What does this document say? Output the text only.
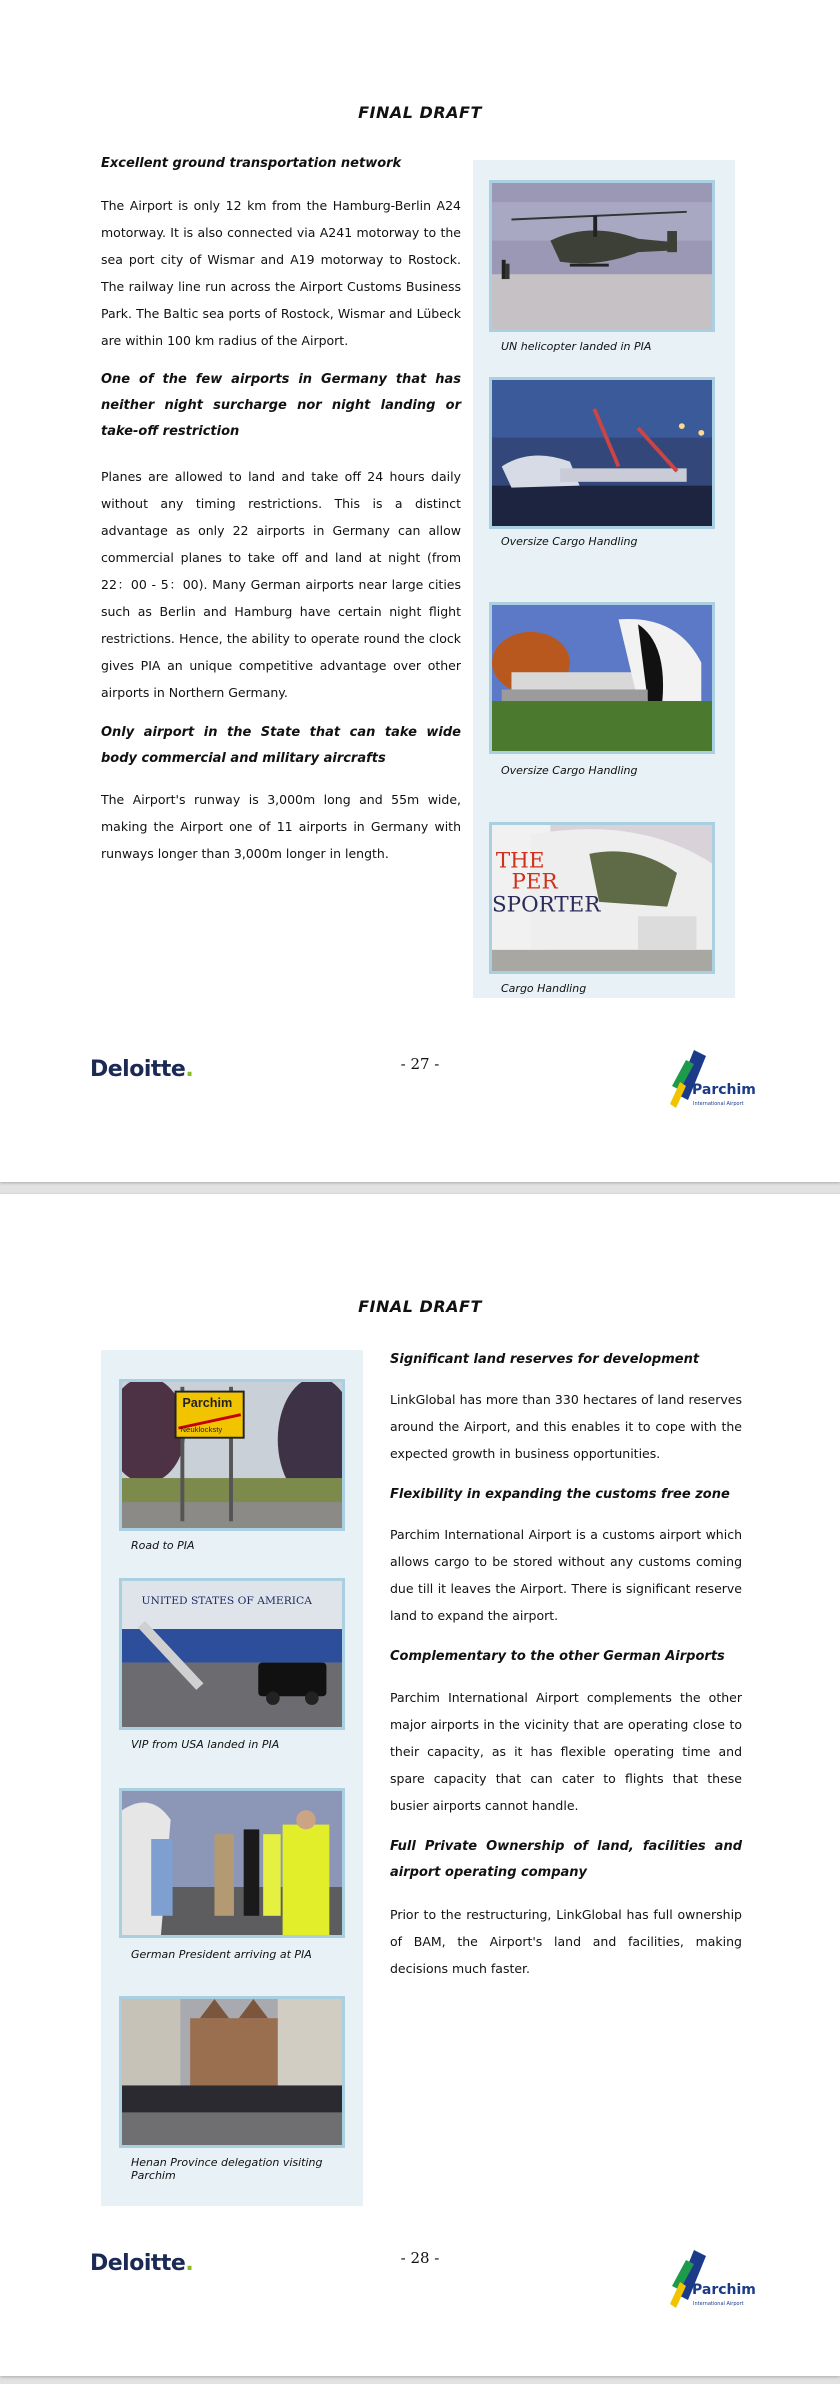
FINAL DRAFT
Excellent ground transportation network
The Airport is only 12 km from the Hamburg-Berlin A24 motorway. It is also connected via A241 motorway to the sea port city of Wismar and A19 motorway to Rostock. The railway line run across the Airport Customs Business Park. The Baltic sea ports of Rostock, Wismar and Lübeck are within 100 km radius of the Airport.
One of the few airports in Germany that has neither night surcharge nor night landing or take-off restriction
Planes are allowed to land and take off 24 hours daily without any timing restrictions. This is a distinct advantage as only 22 airports in Germany can allow commercial planes to take off and land at night (from 22：00 - 5：00). Many German airports near large cities such as Berlin and Hamburg have certain night flight restrictions. Hence, the ability to operate round the clock gives PIA an unique competitive advantage over other airports in Northern Germany.
Only airport in the State that can take wide body commercial and military aircrafts
The Airport's runway is 3,000m long and 55m wide, making the Airport one of 11 airports in Germany with runways longer than 3,000m longer in length.
UN helicopter landed in PIA
Oversize Cargo Handling
Oversize Cargo Handling
THE
PER
SPORTER
Cargo Handling
- 27 -
Deloitte.
Parchim
International Airport
FINAL DRAFT
Parchim
Neuklocksty
Road to PIA
UNITED STATES OF AMERICA
VIP from USA landed in PIA
German President arriving at PIA
Henan Province delegation visiting Parchim
Significant land reserves for development
LinkGlobal has more than 330 hectares of land reserves around the Airport, and this enables it to cope with the expected growth in business opportunities.
Flexibility in expanding the customs free zone
Parchim International Airport is a customs airport which allows cargo to be stored without any customs coming due till it leaves the Airport. There is significant reserve land to expand the airport.
Complementary to the other German Airports
Parchim International Airport complements the other major airports in the vicinity that are operating close to their capacity, as it has flexible operating time and spare capacity that can cater to flights that these busier airports cannot handle.
Full Private Ownership of land, facilities and airport operating company
Prior to the restructuring, LinkGlobal has full ownership of BAM, the Airport's land and facilities, making decisions much faster.
- 28 -
Deloitte.
Parchim
International Airport
